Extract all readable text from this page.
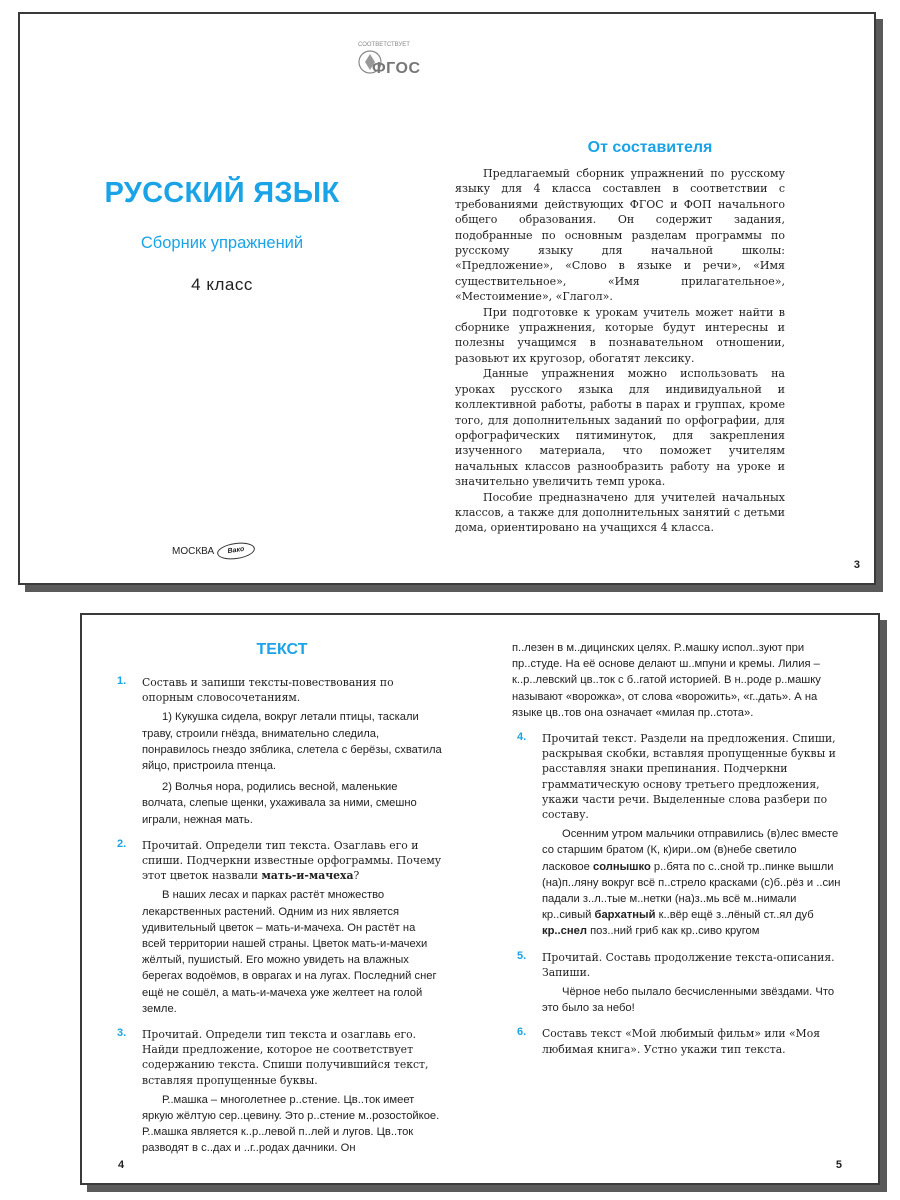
СООТВЕТСТВУЕТ
ФГОС
РУССКИЙ ЯЗЫК
Сборник упражнений
4 класс
МОСКВА	Вако
От составителя

Предлагаемый сборник упражнений по русскому языку для 4 класса составлен в соответствии с требованиями действующих ФГОС и ФОП начального общего образования. Он содержит задания, подобранные по основным разделам программы по русскому языку для начальной школы: «Предложение», «Слово в языке и речи», «Имя существительное», «Имя прилагательное», «Местоимение», «Глагол».

При подготовке к урокам учитель может найти в сборнике упражнения, которые будут интересны и полезны учащимся в познавательном отношении, разовьют их кругозор, обогатят лексику.

Данные упражнения можно использовать на уроках русского языка для индивидуальной и коллективной работы, работы в парах и группах, кроме того, для дополнительных заданий по орфографии, для орфографических пятиминуток, для закрепления изученного материала, что поможет учителям начальных классов разнообразить работу на уроке и значительно увеличить темп урока.

Пособие предназначено для учителей начальных классов, а также для дополнительных занятий с детьми дома, ориентировано на учащихся 4 класса.

3
ТЕКСТ
1. Составь и запиши тексты-повествования по опорным словосочетаниям.

1) Кукушка сидела, вокруг летали птицы, таскали траву, строили гнёзда, внимательно следила, понравилось гнездо зяблика, слетела с берёзы, схватила яйцо, пристроила птенца.

2) Волчья нора, родились весной, маленькие волчата, слепые щенки, ухаживала за ними, смешно играли, нежная мать.

2. Прочитай. Определи тип текста. Озаглавь его и спиши. Подчеркни известные орфограммы. Почему этот цветок назвали мать-и-мачеха?

В наших лесах и парках растёт множество лекарственных растений. Одним из них является удивительный цветок – мать-и-мачеха. Он растёт на всей территории нашей страны. Цветок мать-и-мачехи жёлтый, пушистый. Его можно увидеть на влажных берегах водоёмов, в оврагах и на лугах. Последний снег ещё не сошёл, а мать-и-мачеха уже желтеет на голой земле.

3. Прочитай. Определи тип текста и озаглавь его. Найди предложение, которое не соответствует содержанию текста. Спиши получившийся текст, вставляя пропущенные буквы.

Р..машка – многолетнее р..стение. Цв..ток имеет яркую жёлтую сер..цевину. Это р..стение м..розостойкое. Р..машка является к..р..левой п..лей и лугов. Цв..ток разводят в с..дах и ..г..родах дачники. Он

п..лезен в м..дицинских целях. Р..машку испол..зуют при пр..студе. На её основе делают ш..мпуни и кремы. Лилия – к..р..левский цв..ток с б..гатой историей. В н..роде р..машку называют «ворожка», от слова «ворожить», «г..дать». А на языке цв..тов она означает «милая пр..стота».

4. Прочитай текст. Раздели на предложения. Спиши, раскрывая скобки, вставляя пропущенные буквы и расставляя знаки препинания. Подчеркни грамматическую основу третьего предложения, укажи части речи. Выделенные слова разбери по составу.

Осенним утром мальчики отправились (в)лес вместе со старшим братом (К, к)ири..ом (в)небе светило ласковое солнышко р..бята по с..сной тр..пинке вышли (на)п..ляну вокруг всё п..стрело красками (с)б..рёз и ..син падали з..л..тые м..нетки (на)з..мь всё м..нимали кр..сивый бархатный к..вёр ещё з..лёный ст..ял дуб кр..снел поз..ний гриб как кр..сиво кругом

5. Прочитай. Составь продолжение текста-описания. Запиши.

Чёрное небо пылало бесчисленными звёздами. Что это было за небо!

6. Составь текст «Мой любимый фильм» или «Моя любимая книга». Устно укажи тип текста.

4	5
